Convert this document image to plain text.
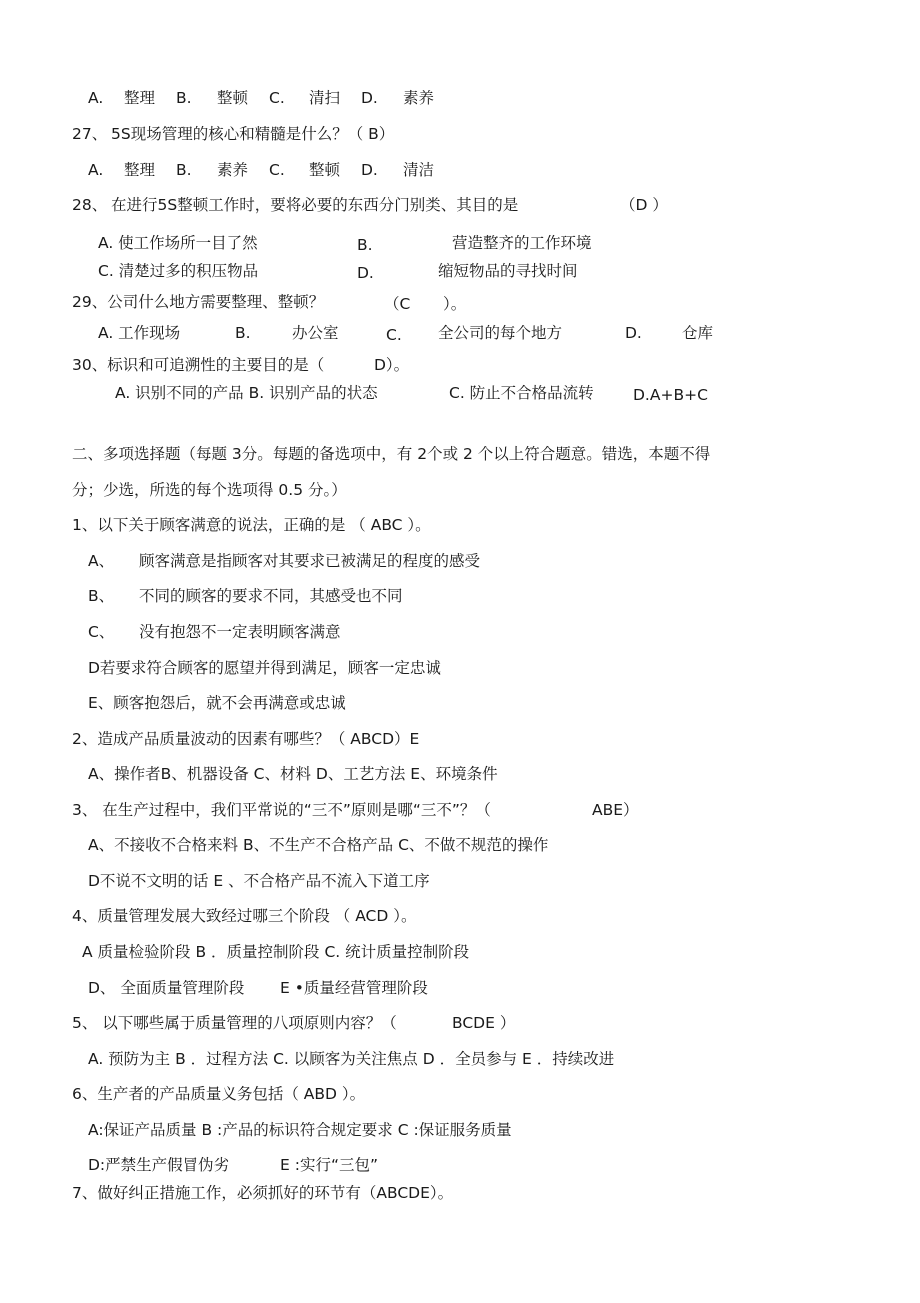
A. 整理 B. 整顿 C. 清扫 D. 素养
27、 5S现场管理的核心和精髓是什么？（ B）
A. 整理 B. 素养 C. 整顿 D. 清洁
28、 在进行5S整顿工作时，要将必要的东西分门别类、其目的是	（D ）
A. 使工作场所一目了然	B.	营造整齐的工作环境
C. 清楚过多的积压物品	D.	缩短物品的寻找时间
29、公司什么地方需要整理、整顿？	（C ）。
A. 工作现场	B.	办公室	C. 全公司的每个地方	D.	仓库
30、标识和可追溯性的主要目的是（	D）。
A. 识别不同的产品 B. 识别产品的状态	C. 防止不合格品流转	D.A+B+C
二、多项选择题（每题 3分。每题的备选项中，有 2个或 2 个以上符合题意。错选，本题不得
分；少选，所选的每个选项得 0.5 分。）
1、以下关于顾客满意的说法，正确的是 （ ABC ）。
A、 顾客满意是指顾客对其要求已被满足的程度的感受
B、 不同的顾客的要求不同，其感受也不同
C、 没有抱怨不一定表明顾客满意
D若要求符合顾客的愿望并得到满足，顾客一定忠诚
E、顾客抱怨后，就不会再满意或忠诚
2、造成产品质量波动的因素有哪些？（ ABCD）E
A、操作者B、机器设备 C、材料 D、工艺方法 E、环境条件
3、 在生产过程中，我们平常说的“三不”原则是哪“三不”？（	ABE）
A、不接收不合格来料 B、不生产不合格产品 C、不做不规范的操作
D不说不文明的话 E 、不合格产品不流入下道工序
4、质量管理发展大致经过哪三个阶段 （ ACD ）。
A 质量检验阶段 B ．质量控制阶段 C. 统计质量控制阶段
D、 全面质量管理阶段 E •质量经营管理阶段
5、 以下哪些属于质量管理的八项原则内容？（	BCDE ）
A. 预防为主 B ．过程方法 C. 以顾客为关注焦点 D ．全员参与 E ．持续改进
6、生产者的产品质量义务包括（ ABD ）。
A:保证产品质量 B :产品的标识符合规定要求 C :保证服务质量
D:严禁生产假冒伪劣	E :实行“三包”
7、做好纠正措施工作，必须抓好的环节有（ABCDE）。
